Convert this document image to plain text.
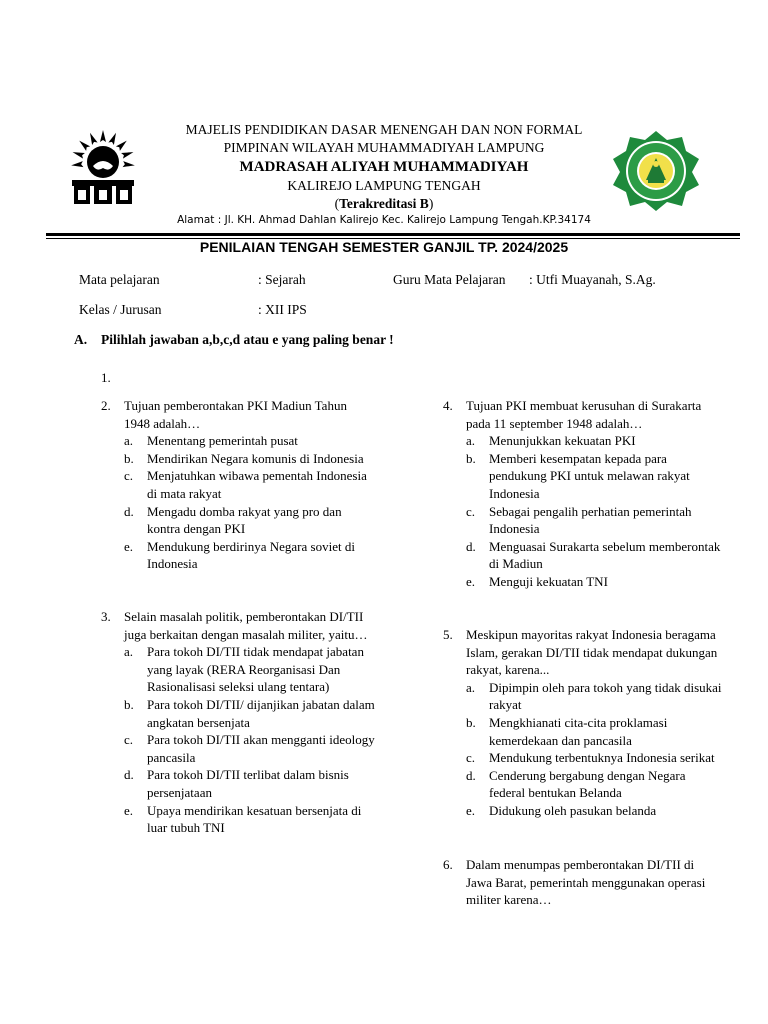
MAJELIS PENDIDIKAN DASAR MENENGAH DAN NON FORMAL
PIMPINAN WILAYAH MUHAMMADIYAH LAMPUNG
MADRASAH ALIYAH MUHAMMADIYAH
KALIREJO LAMPUNG TENGAH
(Terakreditasi B)
Alamat : Jl. KH. Ahmad Dahlan Kalirejo Kec. Kalirejo Lampung Tengah.KP.34174
PENILAIAN TENGAH SEMESTER GANJIL TP. 2024/2025
Mata pelajaran	: Sejarah	Guru Mata Pelajaran : Utfi Muayanah, S.Ag.
Kelas / Jurusan	: XII IPS
A. Pilihlah jawaban a,b,c,d atau e yang paling benar !
1.
2. Tujuan pemberontakan PKI Madiun Tahun 1948 adalah…
a. Menentang pemerintah pusat
b. Mendirikan Negara komunis di Indonesia
c. Menjatuhkan wibawa pementah Indonesia di mata rakyat
d. Mengadu domba rakyat yang pro dan kontra dengan PKI
e. Mendukung berdirinya Negara soviet di Indonesia
3. Selain masalah politik, pemberontakan DI/TII juga berkaitan dengan masalah militer, yaitu…
a. Para tokoh DI/TII tidak mendapat jabatan yang layak (RERA Reorganisasi Dan Rasionalisasi seleksi ulang tentara)
b. Para tokoh DI/TII/ dijanjikan jabatan dalam angkatan bersenjata
c. Para tokoh DI/TII akan mengganti ideology pancasila
d. Para tokoh DI/TII terlibat dalam bisnis persenjataan
e. Upaya mendirikan kesatuan bersenjata di luar tubuh TNI
4. Tujuan PKI membuat kerusuhan di Surakarta pada 11 september 1948 adalah…
a. Menunjukkan kekuatan PKI
b. Memberi kesempatan kepada para pendukung PKI untuk melawan rakyat Indonesia
c. Sebagai pengalih perhatian pemerintah Indonesia
d. Menguasai Surakarta sebelum memberontak di Madiun
e. Menguji kekuatan TNI
5. Meskipun mayoritas rakyat Indonesia beragama Islam, gerakan DI/TII tidak mendapat dukungan rakyat, karena...
a. Dipimpin oleh para tokoh yang tidak disukai rakyat
b. Mengkhianati cita-cita proklamasi kemerdekaan dan pancasila
c. Mendukung terbentuknya Indonesia serikat
d. Cenderung bergabung dengan Negara federal bentukan Belanda
e. Didukung oleh pasukan belanda
6. Dalam menumpas pemberontakan DI/TII di Jawa Barat, pemerintah menggunakan operasi militer karena…
